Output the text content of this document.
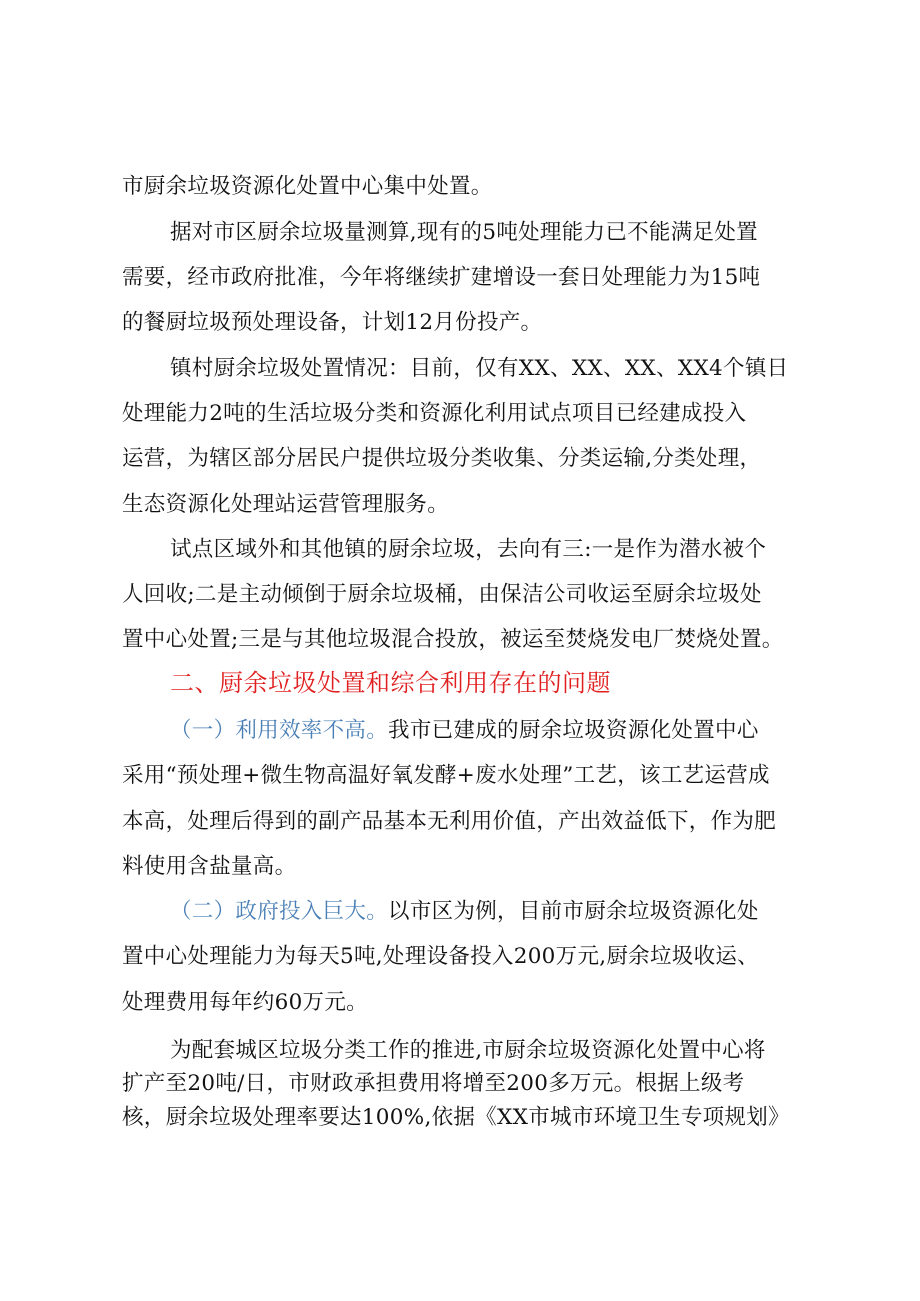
市厨余垃圾资源化处置中心集中处置。
据对市区厨余垃圾量测算,现有的5吨处理能力已不能满足处置
需要，经市政府批准，今年将继续扩建增设一套日处理能力为15吨
的餐厨垃圾预处理设备，计划12月份投产。
镇村厨余垃圾处置情况：目前，仅有XX、XX、XX、XX4个镇日
处理能力2吨的生活垃圾分类和资源化利用试点项目已经建成投入
运营，为辖区部分居民户提供垃圾分类收集、分类运输,分类处理，
生态资源化处理站运营管理服务。
试点区域外和其他镇的厨余垃圾，去向有三:一是作为潜水被个
人回收;二是主动倾倒于厨余垃圾桶，由保洁公司收运至厨余垃圾处
置中心处置;三是与其他垃圾混合投放，被运至焚烧发电厂焚烧处置。
二、厨余垃圾处置和综合利用存在的问题
（一）利用效率不高。我市已建成的厨余垃圾资源化处置中心
采用“预处理+微生物高温好氧发酵+废水处理”工艺，该工艺运营成
本高，处理后得到的副产品基本无利用价值，产出效益低下，作为肥
料使用含盐量高。
（二）政府投入巨大。以市区为例，目前市厨余垃圾资源化处
置中心处理能力为每天5吨,处理设备投入200万元,厨余垃圾收运、
处理费用每年约60万元。
为配套城区垃圾分类工作的推进,市厨余垃圾资源化处置中心将
扩产至20吨/日，市财政承担费用将增至200多万元。根据上级考
核，厨余垃圾处理率要达100%,依据《XX市城市环境卫生专项规划》
